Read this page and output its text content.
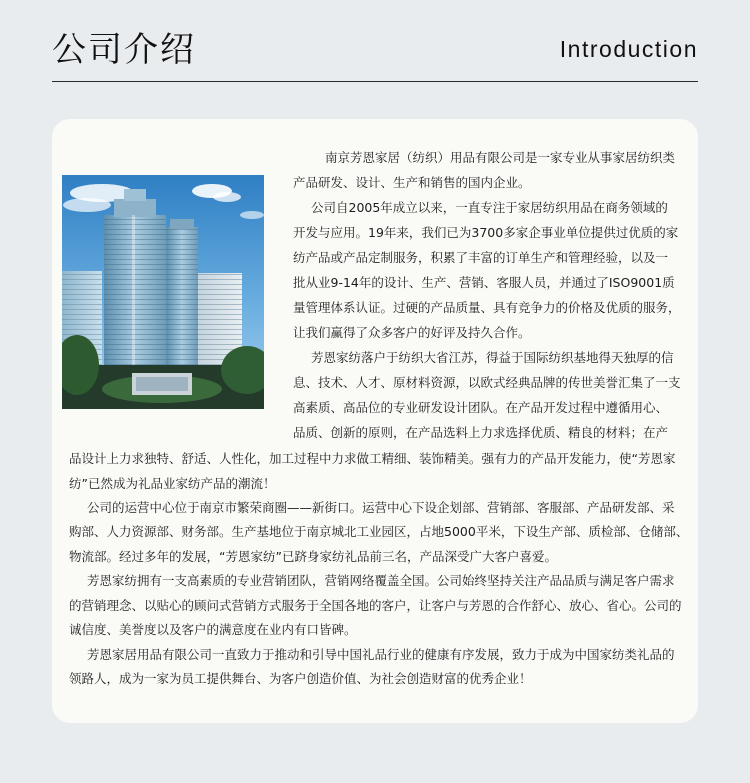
公司介绍	Introduction
南京芳恩家居（纺织）用品有限公司是一家专业从事家居纺织类
产品研发、设计、生产和销售的国内企业。
公司自2005年成立以来，一直专注于家居纺织用品在商务领域的
开发与应用。19年来，我们已为3700多家企事业单位提供过优质的家
纺产品或产品定制服务，积累了丰富的订单生产和管理经验，以及一
批从业9-14年的设计、生产、营销、客服人员，并通过了ISO9001质
量管理体系认证。过硬的产品质量、具有竞争力的价格及优质的服务，
让我们赢得了众多客户的好评及持久合作。
芳恩家纺落户于纺织大省江苏，得益于国际纺织基地得天独厚的信
息、技术、人才、原材料资源，以欧式经典品牌的传世美誉汇集了一支
高素质、高品位的专业研发设计团队。在产品开发过程中遵循用心、
品质、创新的原则，在产品选料上力求选择优质、精良的材料；在产
品设计上力求独特、舒适、人性化，加工过程中力求做工精细、装饰精美。强有力的产品开发能力，使“芳恩家
纺”已然成为礼品业家纺产品的潮流！
公司的运营中心位于南京市繁荣商圈——新街口。运营中心下设企划部、营销部、客服部、产品研发部、采
购部、人力资源部、财务部。生产基地位于南京城北工业园区，占地5000平米，下设生产部、质检部、仓储部、
物流部。经过多年的发展，“芳恩家纺”已跻身家纺礼品前三名，产品深受广大客户喜爱。
芳恩家纺拥有一支高素质的专业营销团队，营销网络覆盖全国。公司始终坚持关注产品品质与满足客户需求
的营销理念、以贴心的顾问式营销方式服务于全国各地的客户，让客户与芳恩的合作舒心、放心、省心。公司的
诚信度、美誉度以及客户的满意度在业内有口皆碑。
芳恩家居用品有限公司一直致力于推动和引导中国礼品行业的健康有序发展，致力于成为中国家纺类礼品的
领路人，成为一家为员工提供舞台、为客户创造价值、为社会创造财富的优秀企业！
